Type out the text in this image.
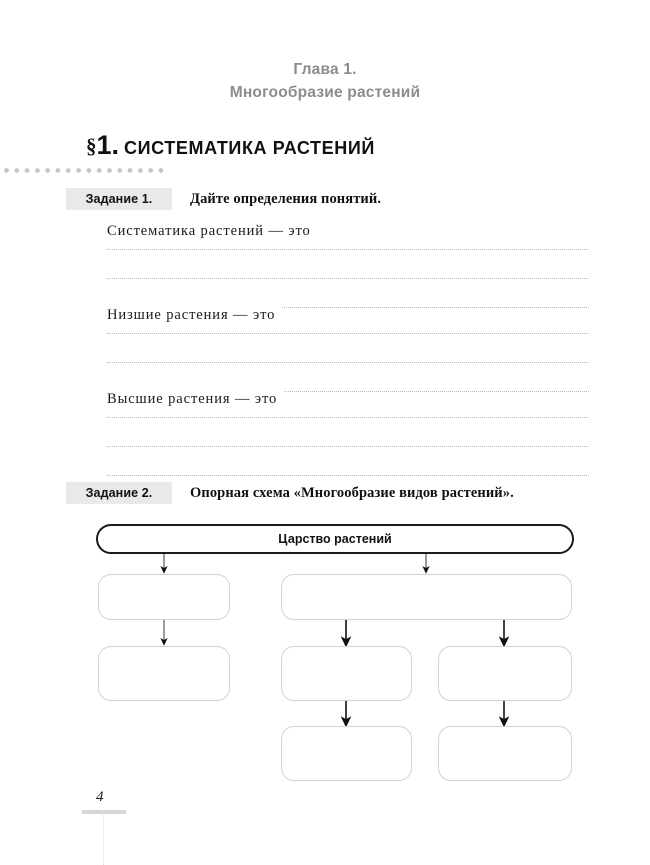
Глава 1.
Многообразие растений
§1. СИСТЕМАТИКА РАСТЕНИЙ
Задание 1.	Дайте определения понятий.
Систематика растений — это
Низшие растения — это
Высшие растения — это
Задание 2.	Опорная схема «Многообразие видов растений».
Царство растений
4
